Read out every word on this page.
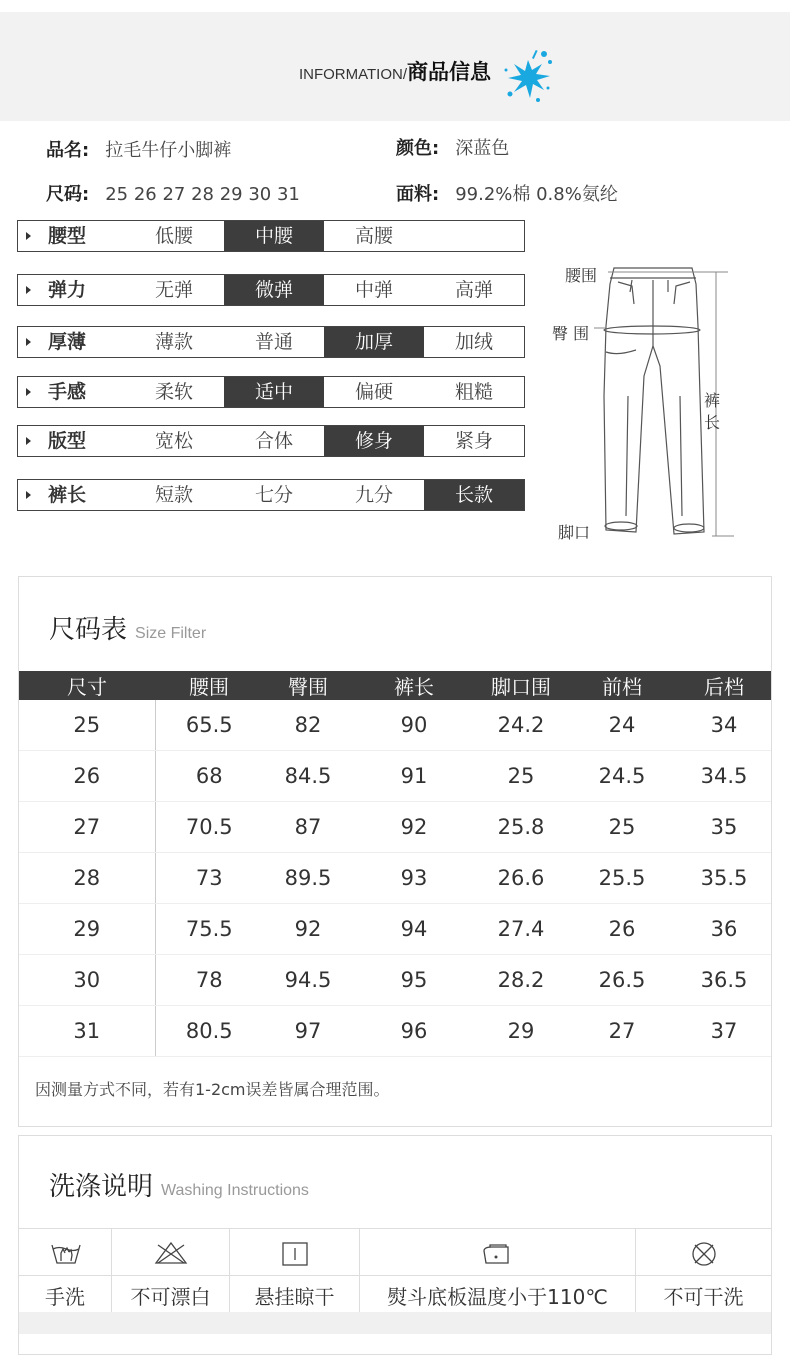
INFORMATION/商品信息
品名: 拉毛牛仔小脚裤	颜色: 深蓝色
尺码: 25 26 27 28 29 30 31	面料: 99.2%棉 0.8%氨纶
腰型	低腰	中腰	高腰
弹力	无弹	微弹	中弹	高弹
厚薄	薄款	普通	加厚	加绒
手感	柔软	适中	偏硬	粗糙
版型	宽松	合体	修身	紧身
裤长	短款	七分	九分	长款
腰围
臀 围
裤
长
脚口
尺码表 Size Filter
尺寸	腰围	臀围	裤长	脚口围	前档	后档
25	65.5	82	90	24.2	24	34
26	68	84.5	91	25	24.5	34.5
27	70.5	87	92	25.8	25	35
28	73	89.5	93	26.6	25.5	35.5
29	75.5	92	94	27.4	26	36
30	78	94.5	95	28.2	26.5	36.5
31	80.5	97	96	29	27	37
因测量方式不同，若有1-2cm误差皆属合理范围。
洗涤说明 Washing Instructions
手洗	不可漂白	悬挂晾干	熨斗底板温度小于110℃	不可干洗
